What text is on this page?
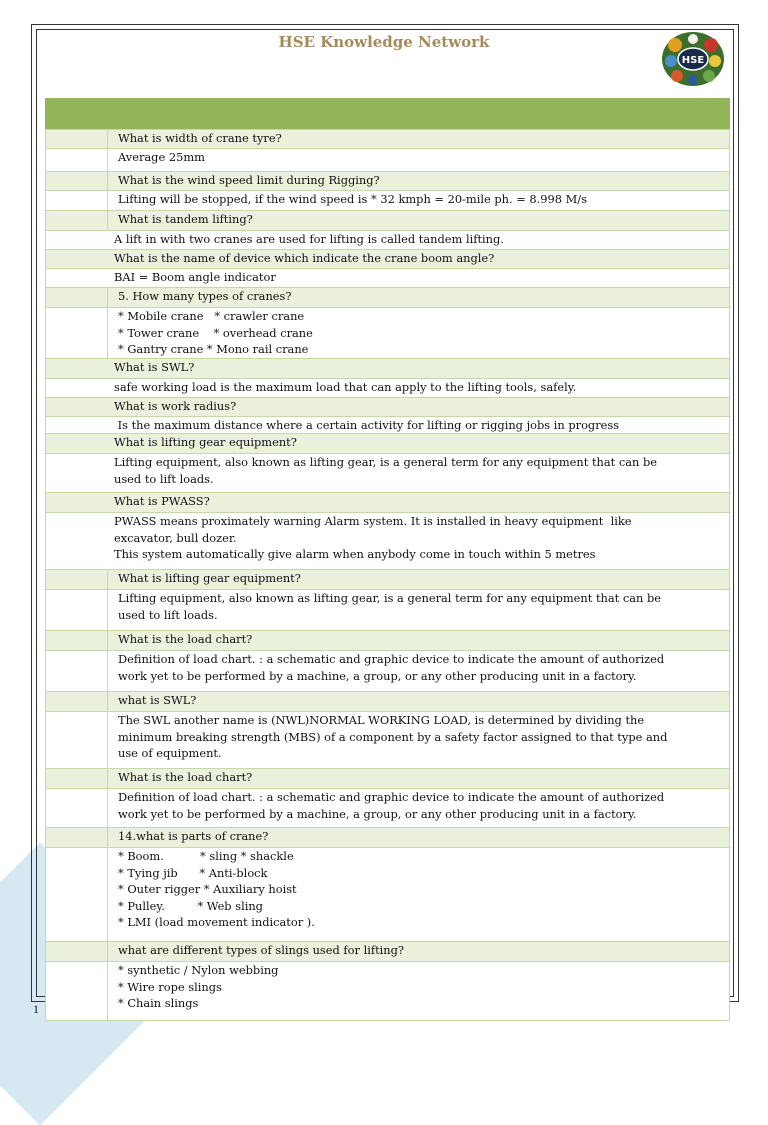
HSE Knowledge Network
HSE

	What is width of crane tyre?

	Average 25mm

	What is the wind speed limit during Rigging?

	Lifting will be stopped, if the wind speed is * 32 kmph = 20-mile ph. = 8.998 M/s

	What is tandem lifting?

A lift in with two cranes are used for lifting is called tandem lifting.	

What is the name of device which indicate the crane boom angle?	

BAI = Boom angle indicator	

	5. How many types of cranes?

	* Mobile crane   * crawler crane
* Tower crane    * overhead crane
* Gantry crane * Mono rail crane

What is SWL?	

safe working load is the maximum load that can apply to the lifting tools, safely.	

What is work radius?	

Is the maximum distance where a certain activity for lifting or rigging jobs in progress	

What is lifting gear equipment?	

Lifting equipment, also known as lifting gear, is a general term for any equipment that can be
used to lift loads.	

What is PWASS?	

PWASS means proximately warning Alarm system. It is installed in heavy equipment  like
excavator, bull dozer.
This system automatically give alarm when anybody come in touch within 5 metres	

	What is lifting gear equipment?

	Lifting equipment, also known as lifting gear, is a general term for any equipment that can be
used to lift loads.

	What is the load chart?

	Definition of load chart. : a schematic and graphic device to indicate the amount of authorized
work yet to be performed by a machine, a group, or any other producing unit in a factory.

	what is SWL?

	The SWL another name is (NWL)NORMAL WORKING LOAD, is determined by dividing the
minimum breaking strength (MBS) of a component by a safety factor assigned to that type and
use of equipment.

	What is the load chart?

	Definition of load chart. : a schematic and graphic device to indicate the amount of authorized
work yet to be performed by a machine, a group, or any other producing unit in a factory.

	14.what is parts of crane?

	* Boom.          * sling * shackle
* Tying jib      * Anti-block
* Outer rigger * Auxiliary hoist
* Pulley.         * Web sling
* LMI (load movement indicator ).

	what are different types of slings used for lifting?

	* synthetic / Nylon webbing
* Wire rope slings
* Chain slings
1
